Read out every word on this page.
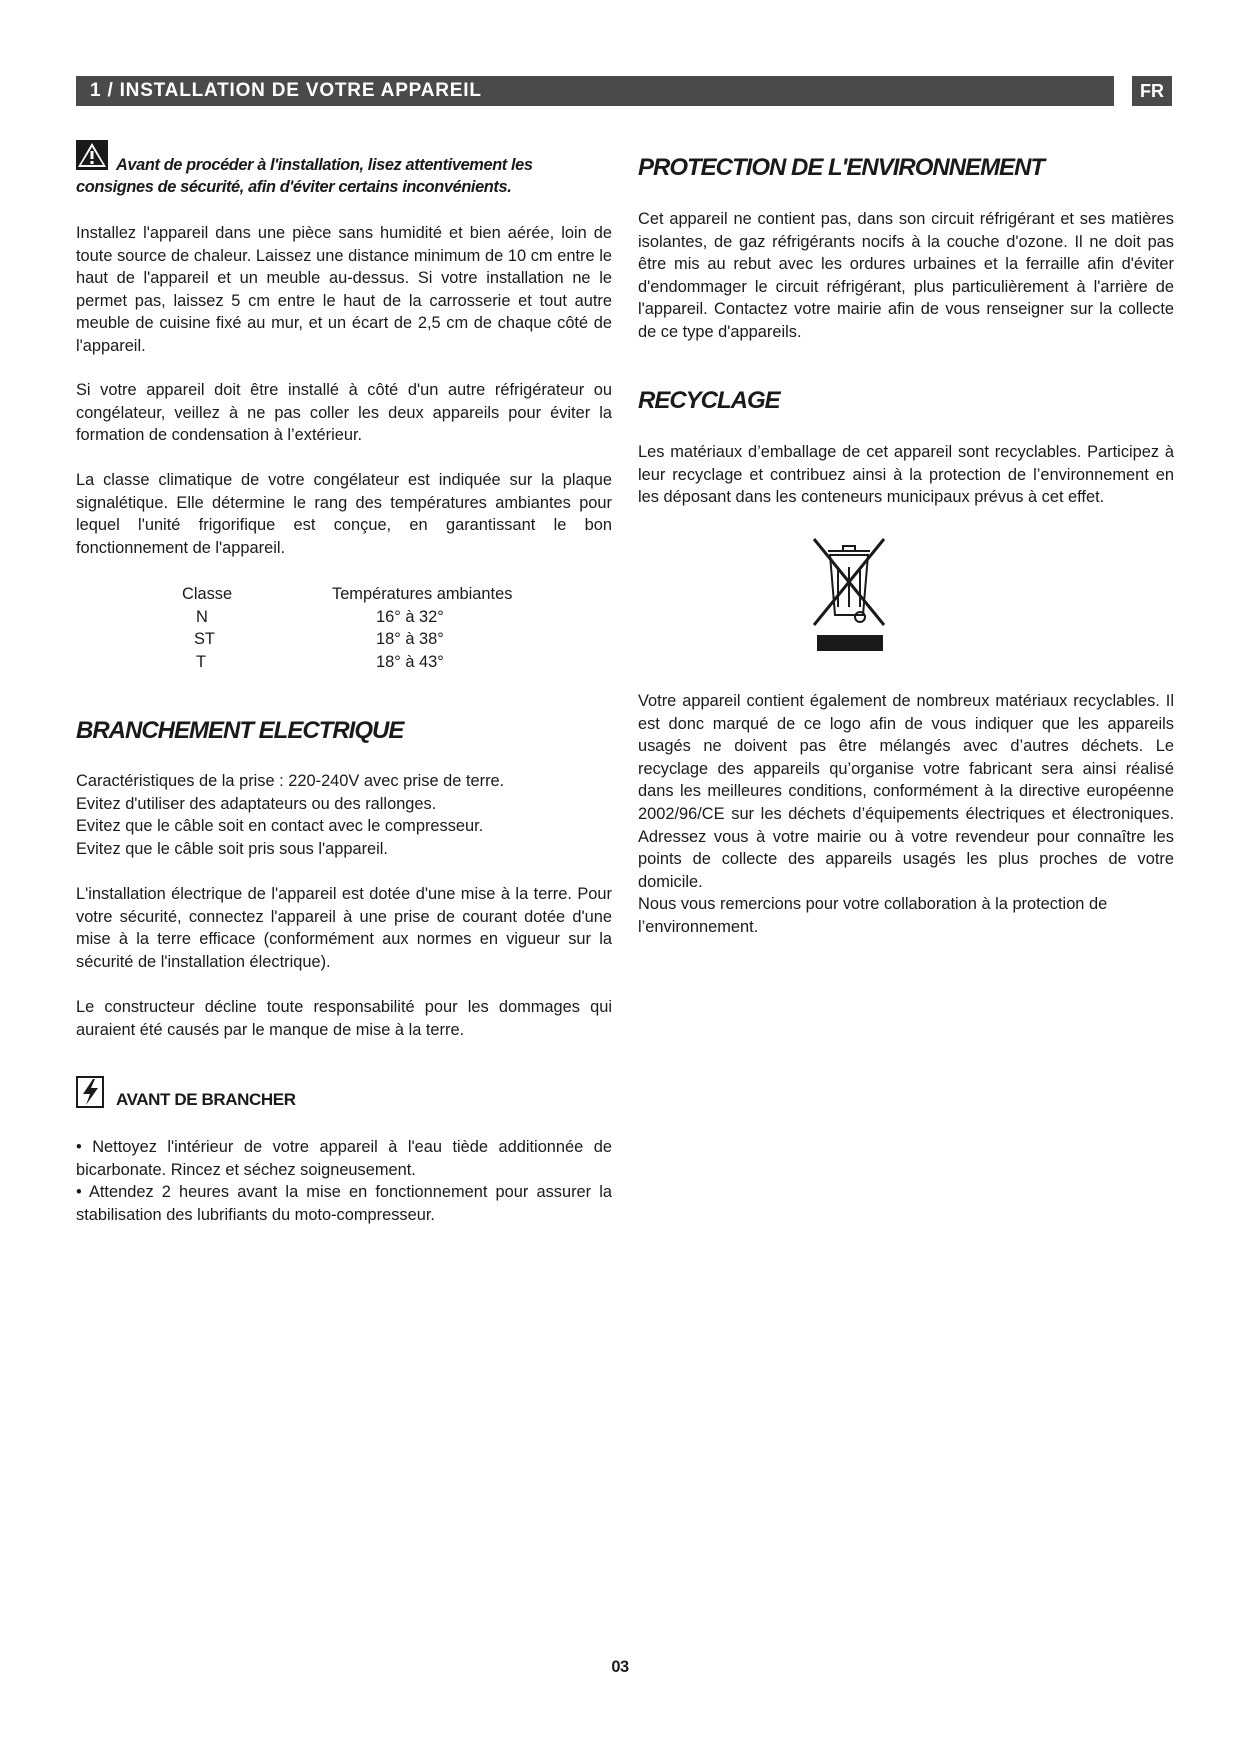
1 / INSTALLATION DE VOTRE APPAREIL	FR

Avant de procéder à l'installation, lisez attentivement les consignes de sécurité, afin d'éviter certains inconvénients.

Installez l'appareil dans une pièce sans humidité et bien aérée, loin de toute source de chaleur. Laissez une distance minimum de 10 cm entre le haut de l'appareil et un meuble au-dessus. Si votre installation ne le permet pas, laissez 5 cm entre le haut de la carrosserie et tout autre meuble de cuisine fixé au mur, et un écart de 2,5 cm de chaque côté de l'appareil.

Si votre appareil doit être installé à côté d'un autre réfrigérateur ou congélateur, veillez à ne pas coller les deux appareils pour éviter la formation de condensation à l’extérieur.

La classe climatique de votre congélateur est indiquée sur la plaque signalétique. Elle détermine le rang des températures ambiantes pour lequel l'unité frigorifique est conçue, en garantissant le bon fonctionnement de l'appareil.

Classe	Températures ambiantes
N	16° à 32°
ST	18° à 38°
T	18° à 43°
BRANCHEMENT ELECTRIQUE
Caractéristiques de la prise : 220-240V avec prise de terre.
Evitez d'utiliser des adaptateurs ou des rallonges.
Evitez que le câble soit en contact avec le compresseur.
Evitez que le câble soit pris sous l'appareil.

L'installation électrique de l'appareil est dotée d'une mise à la terre. Pour votre sécurité, connectez l'appareil à une prise de courant dotée d'une mise à la terre efficace (conformément aux normes en vigueur sur la sécurité de l'installation électrique).

Le constructeur décline toute responsabilité pour les dommages qui auraient été causés par le manque de mise à la terre.

AVANT DE BRANCHER

• Nettoyez l'intérieur de votre appareil à l'eau tiède additionnée de bicarbonate. Rincez et séchez soigneusement.

• Attendez 2 heures avant la mise en fonctionnement pour assurer la stabilisation des lubrifiants du moto-compresseur.

PROTECTION DE L'ENVIRONNEMENT

Cet appareil ne contient pas, dans son circuit réfrigérant et ses matières isolantes, de gaz réfrigérants nocifs à la couche d'ozone. Il ne doit pas être mis au rebut avec les ordures urbaines et la ferraille afin d'éviter d'endommager le circuit réfrigérant, plus particulièrement à l'arrière de l'appareil. Contactez votre mairie afin de vous renseigner sur la collecte de ce type d'appareils.

RECYCLAGE

Les matériaux d’emballage de cet appareil sont recyclables. Participez à leur recyclage et contribuez ainsi à la protection de l’environnement en les déposant dans les conteneurs municipaux prévus à cet effet.

Votre appareil contient également de nombreux matériaux recyclables. Il est donc marqué de ce logo afin de vous indiquer que les appareils usagés ne doivent pas être mélangés avec d’autres déchets. Le recyclage des appareils qu’organise votre fabricant sera ainsi réalisé dans les meilleures conditions, conformément à la directive européenne 2002/96/CE sur les déchets d’équipements électriques et électroniques. Adressez vous à votre mairie ou à votre revendeur pour connaître les points de collecte des appareils usagés les plus proches de votre domicile.

Nous vous remercions pour votre collaboration à la protection de l’environnement.

03
